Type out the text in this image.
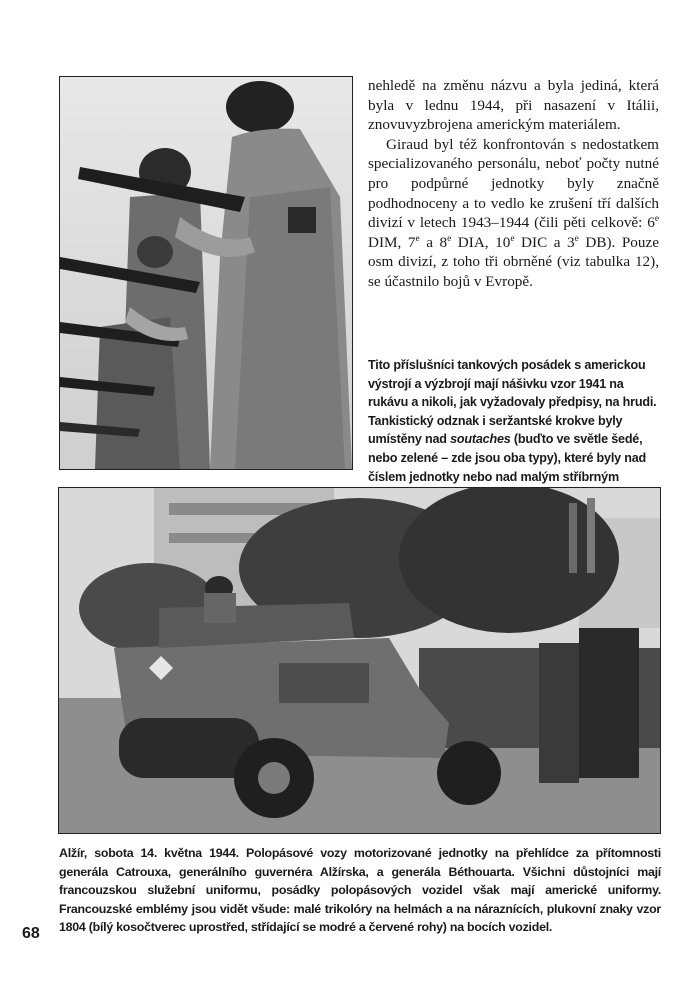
nehledě na změnu názvu a byla jediná, která byla v lednu 1944, při nasazení v Itálii, znovuvyzbrojena americkým materiálem.

Giraud byl též konfrontován s nedostatkem specializovaného personálu, neboť počty nutné pro podpůrné jednotky byly značně podhodnoceny a to vedlo ke zrušení tří dalších divizí v letech 1943–1944 (čili pěti celkově: 6e DIM, 7e a 8e DIA, 10e DIC a 3e DB). Pouze osm divizí, z toho tři obrněné (viz tabulka 12), se účastnilo bojů v Evropě.

Tito příslušníci tankových posádek s americkou výstrojí a výzbrojí mají nášivku vzor 1941 na rukávu a nikoli, jak vyžadovaly předpisy, na hrudi. Tankistický odznak i seržantské krokve byly umístěny nad soutaches (buďto ve světle šedé, nebo zelené – zde jsou oba typy), které byly nad číslem jednotky nebo nad malým stříbrným
Alžír, sobota 14. května 1944. Polopásové vozy motorizované jednotky na přehlídce za přítomnosti generála Catrouxa, generálního guvernéra Alžírska, a generála Béthouarta. Všichni důstojníci mají francouzskou služební uniformu, posádky polopásových vozidel však mají americké uniformy. Francouzské emblémy jsou vidět všude: malé trikolóry na helmách a na náraznících, plukovní znaky vzor 1804 (bílý kosočtverec uprostřed, střídající se modré a červené rohy) na bocích vozidel.
68
